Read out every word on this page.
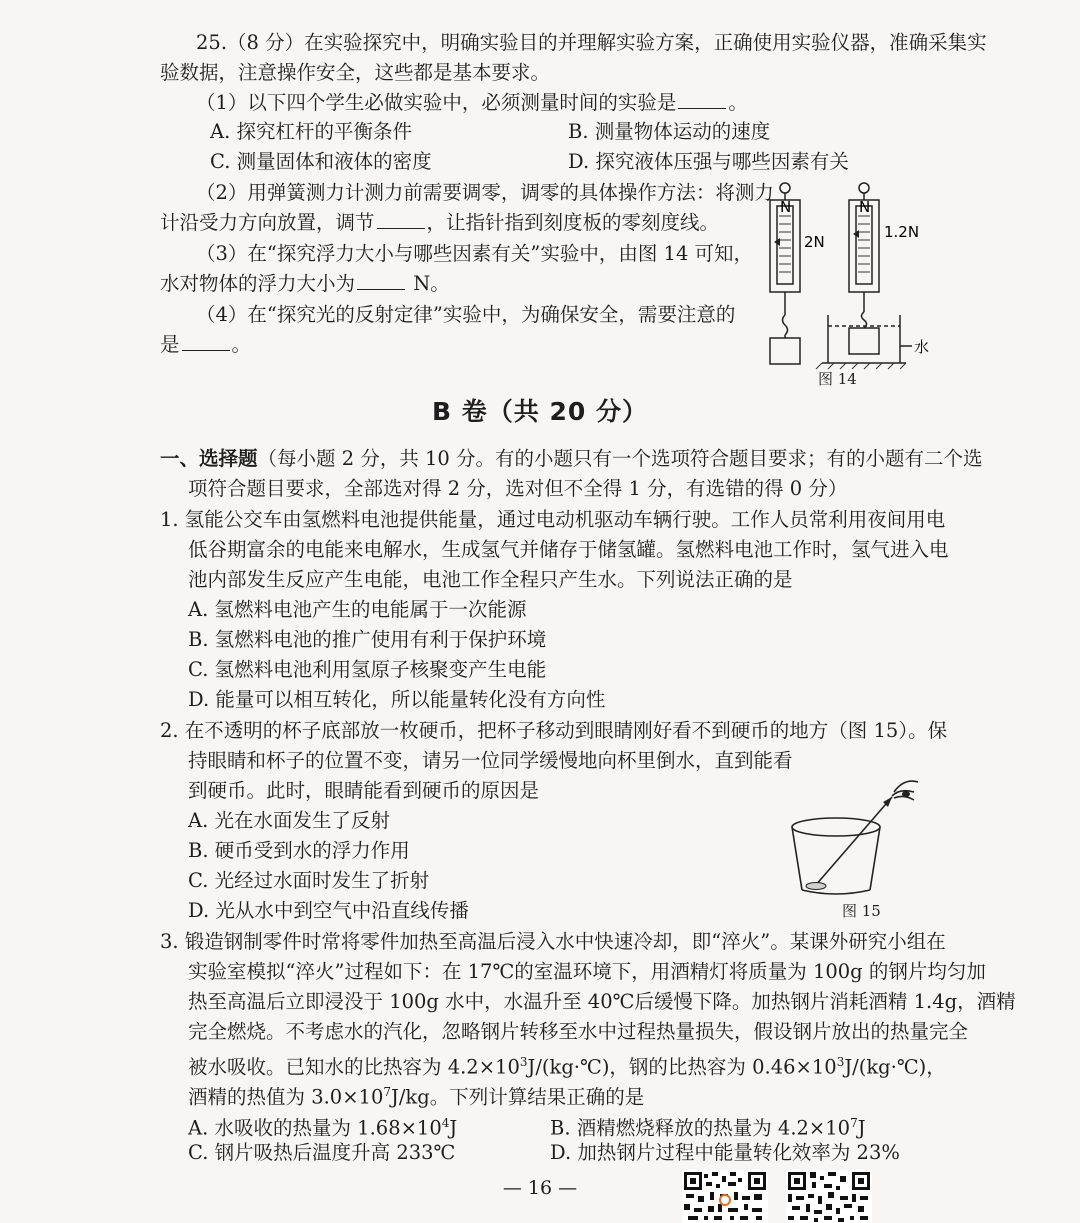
25.（8 分）在实验探究中，明确实验目的并理解实验方案，正确使用实验仪器，准确采集实
验数据，注意操作安全，这些都是基本要求。
（1）以下四个学生必做实验中，必须测量时间的实验是	。
A. 探究杠杆的平衡条件	B. 测量物体运动的速度
C. 测量固体和液体的密度	D. 探究液体压强与哪些因素有关
（2）用弹簧测力计测力前需要调零，调零的具体操作方法：将测力
计沿受力方向放置，调节	，让指针指到刻度板的零刻度线。
（3）在“探究浮力大小与哪些因素有关”实验中，由图 14 可知，
水对物体的浮力大小为	N。
（4）在“探究光的反射定律”实验中，为确保安全，需要注意的
是	。
N	N
2N
1.2N
水
图 14
B 卷（共 20 分）
一、选择题（每小题 2 分，共 10 分。有的小题只有一个选项符合题目要求；有的小题有二个选
项符合题目要求，全部选对得 2 分，选对但不全得 1 分，有选错的得 0 分）
1. 氢能公交车由氢燃料电池提供能量，通过电动机驱动车辆行驶。工作人员常利用夜间用电
低谷期富余的电能来电解水，生成氢气并储存于储氢罐。氢燃料电池工作时，氢气进入电
池内部发生反应产生电能，电池工作全程只产生水。下列说法正确的是
A. 氢燃料电池产生的电能属于一次能源
B. 氢燃料电池的推广使用有利于保护环境
C. 氢燃料电池利用氢原子核聚变产生电能
D. 能量可以相互转化，所以能量转化没有方向性
2. 在不透明的杯子底部放一枚硬币，把杯子移动到眼睛刚好看不到硬币的地方（图 15）。保
持眼睛和杯子的位置不变，请另一位同学缓慢地向杯里倒水，直到能看
到硬币。此时，眼睛能看到硬币的原因是
A. 光在水面发生了反射
B. 硬币受到水的浮力作用
C. 光经过水面时发生了折射
D. 光从水中到空气中沿直线传播	图 15
3. 锻造钢制零件时常将零件加热至高温后浸入水中快速冷却，即“淬火”。某课外研究小组在
实验室模拟“淬火”过程如下：在 17℃的室温环境下，用酒精灯将质量为 100g 的钢片均匀加
热至高温后立即浸没于 100g 水中，水温升至 40℃后缓慢下降。加热钢片消耗酒精 1.4g，酒精
完全燃烧。不考虑水的汽化，忽略钢片转移至水中过程热量损失，假设钢片放出的热量完全
被水吸收。已知水的比热容为 $4.2\times 10^3J/(kg\cdot℃)$，钢的比热容为 $0.46\times 10^3J/(kg\cdot℃)$，
酒精的热值为 $3.0\times 10^7J/kg$。下列计算结果正确的是
A. 水吸收的热量为 $1.68\times 10^4J$	B. 酒精燃烧释放的热量为 $4.2\times 10^7J$
C. 钢片吸热后温度升高 233℃	D. 加热钢片过程中能量转化效率为 23%
— 16 —
